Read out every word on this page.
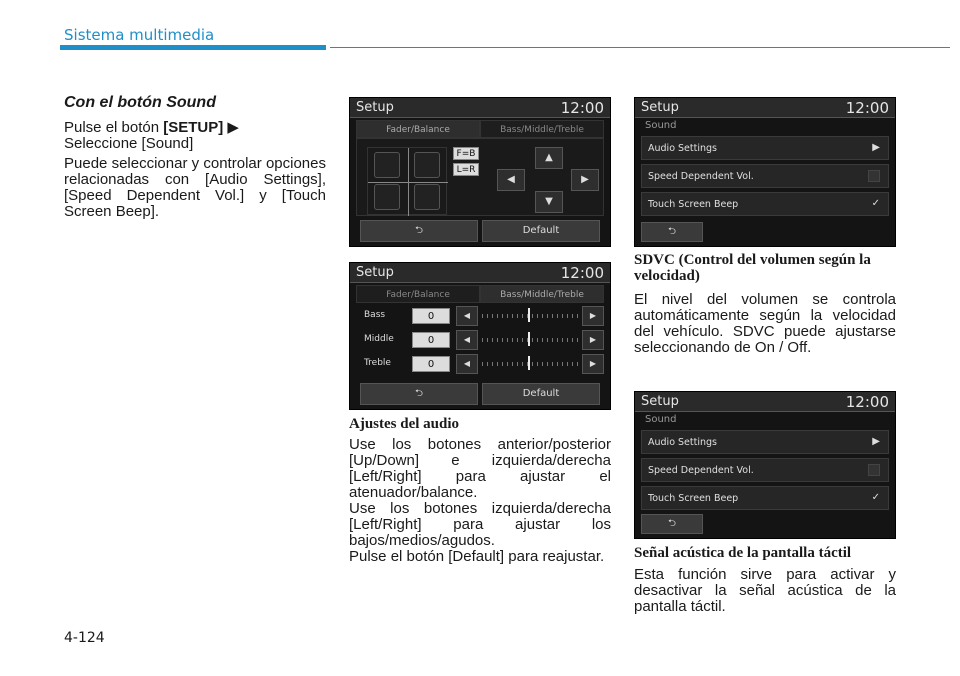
Sistema multimedia
Con el botón Sound

Pulse el botón [SETUP] ▶
Seleccione [Sound]

Puede seleccionar y controlar opciones relacionadas con [Audio Settings], [Speed Dependent Vol.] y [Touch Screen Beep].

Setup	12:00
Fader/Balance	Bass/Middle/Treble
F=B
L=R
▲
◀	▶
▼
⮌	Default
Setup	12:00
Fader/Balance	Bass/Middle/Treble
Bass	0	◀	▶
Middle	0	◀	▶
Treble	0	◀	▶
⮌	Default
Ajustes del audio
Use los botones anterior/posterior [Up/Down] e izquierda/derecha [Left/Right] para ajustar el atenuador/balance.
Use los botones izquierda/derecha [Left/Right] para ajustar los bajos/medios/agudos.
Pulse el botón [Default] para reajustar.
Setup	12:00
Sound
Audio Settings	▶
Speed Dependent Vol.
Touch Screen Beep	✓
⮌
SDVC (Control del volumen según la velocidad)
El nivel del volumen se controla automáticamente según la velocidad del vehículo. SDVC puede ajustarse seleccionando de On / Off.
Setup	12:00
Sound
Audio Settings	▶
Speed Dependent Vol.
Touch Screen Beep	✓
⮌
Señal acústica de la pantalla táctil
Esta función sirve para activar y desactivar la señal acústica de la pantalla táctil.
4-124
